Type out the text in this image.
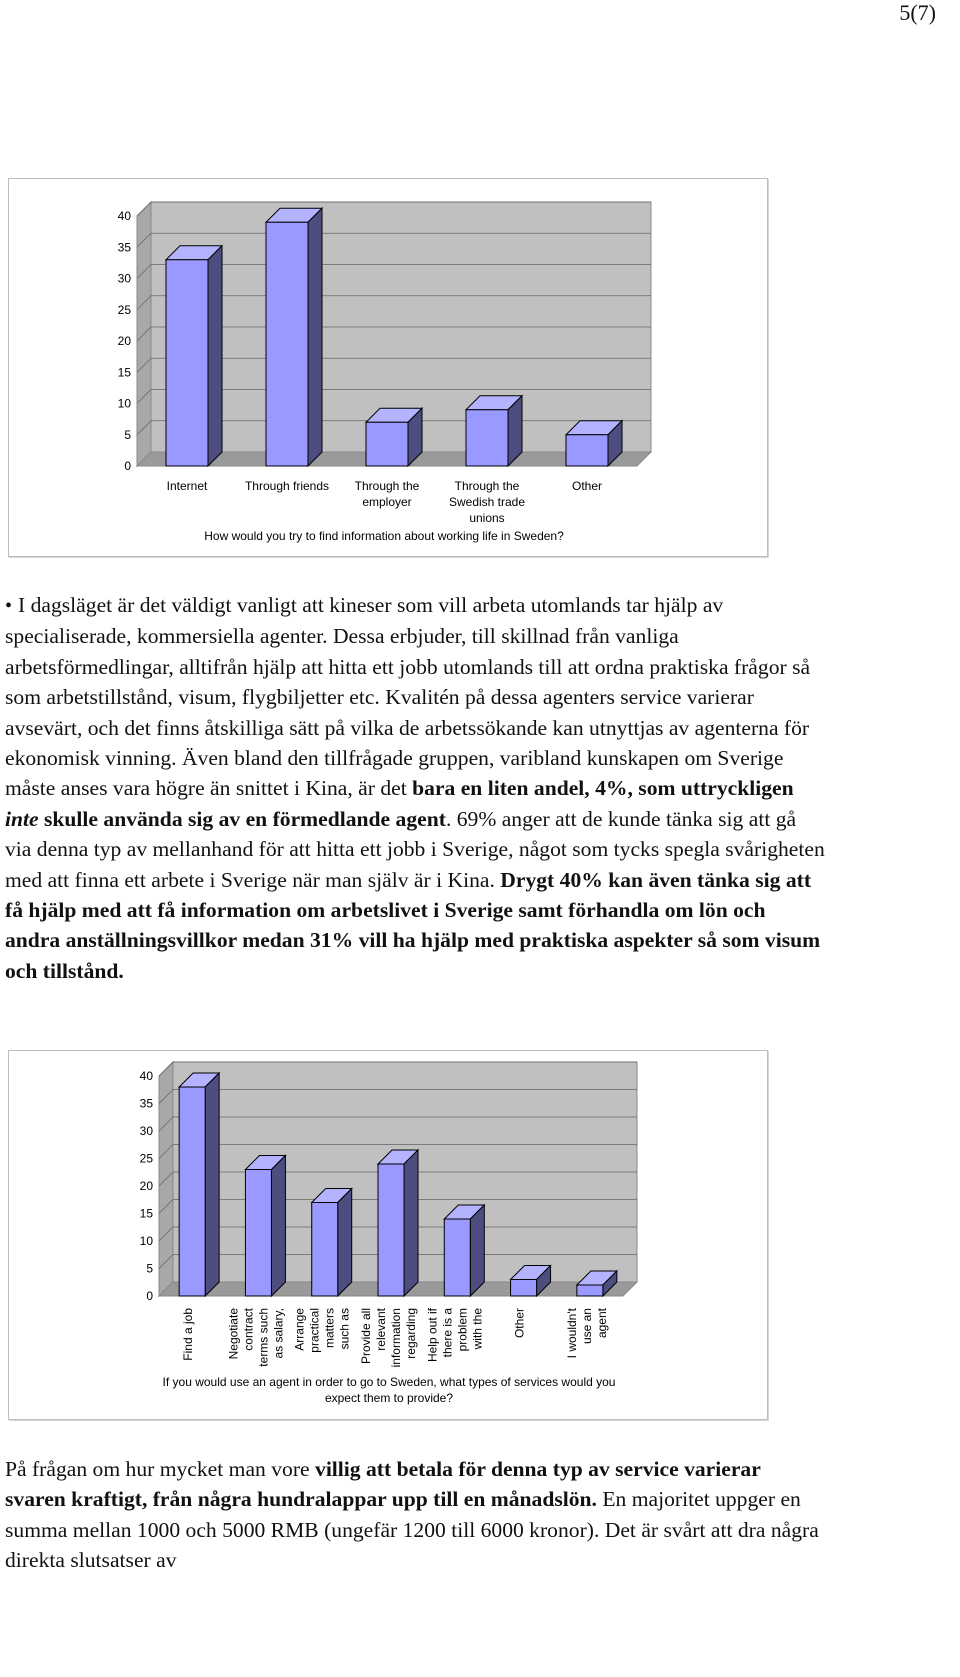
5(7)
0
5
10
15
20
25
30
35
40
Internet	Through friends Through the
employer
Through the
Swedish trade
unions
Other
How would you try to find information about working life in Sweden?
• I dagsläget är det väldigt vanligt att kineser som vill arbeta utomlands tar hjälp av specialiserade, kommersiella agenter. Dessa erbjuder, till skillnad från vanliga arbetsförmedlingar, alltifrån hjälp att hitta ett jobb utomlands till att ordna praktiska frågor så som arbetstillstånd, visum, flygbiljetter etc. Kvalitén på dessa agenters service varierar avsevärt, och det finns åtskilliga sätt på vilka de arbetssökande kan utnyttjas av agenterna för ekonomisk vinning. Även bland den tillfrågade gruppen, varibland kunskapen om Sverige måste anses vara högre än snittet i Kina, är det bara en liten andel, 4%, som uttryckligen inte skulle använda sig av en förmedlande agent. 69% anger att de kunde tänka sig att gå via denna typ av mellanhand för att hitta ett jobb i Sverige, något som tycks spegla svårigheten med att finna ett arbete i Sverige när man själv är i Kina. Drygt 40% kan även tänka sig att få hjälp med att få information om arbetslivet i Sverige samt förhandla om lön och andra anställningsvillkor medan 31% vill ha hjälp med praktiska aspekter så som visum och tillstånd.
0
5
10
15
20
25
30
35
40
Find a job	Negotiate contract terms such as salary, Arrange practical matters such as Provide all relevant information regarding Help out if there is a problem with the Other	I wouldn't use an agent
If you would use an agent in order to go to Sweden, what types of services would you
expect them to provide?
På frågan om hur mycket man vore villig att betala för denna typ av service varierar svaren kraftigt, från några hundralappar upp till en månadslön. En majoritet uppger en summa mellan 1000 och 5000 RMB (ungefär 1200 till 6000 kronor). Det är svårt att dra några direkta slutsatser av
